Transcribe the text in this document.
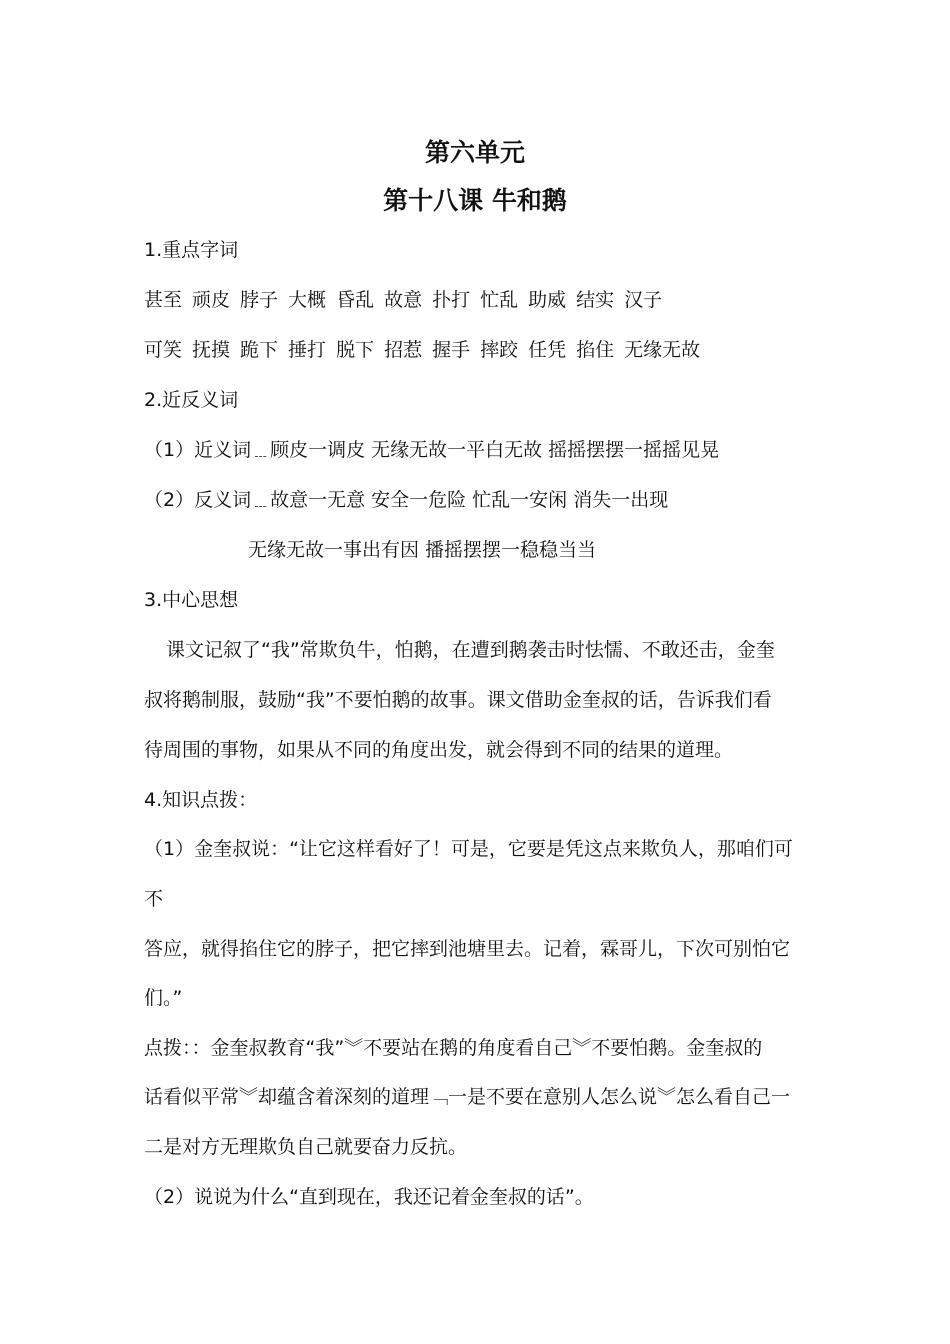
第六单元
第十八课 牛和鹅
1.重点字词
甚至 顽皮 脖子 大概 昏乱 故意 扑打 忙乱 助威 结实 汉子
可笑 抚摸 跪下 捶打 脱下 招惹 握手 摔跤 任凭 掐住 无缘无故
2.近反义词
（1）近义词﹍顾皮一调皮 无缘无故一平白无故 摇摇摆摆一摇摇见晃
（2）反义词﹍故意一无意 安全一危险 忙乱一安闲 消失一出现
无缘无故一事出有因 播摇摆摆一稳稳当当
3.中心思想
课文记叙了“我”常欺负牛，怕鹅，在遭到鹅袭击时怯懦、不敢还击，金奎
叔将鹅制服，鼓励“我”不要怕鹅的故事。课文借助金奎叔的话，告诉我们看
待周围的事物，如果从不同的角度出发，就会得到不同的结果的道理。
4.知识点拨：
（1）金奎叔说：“让它这样看好了！可是，它要是凭这点来欺负人，那咱们可
不
答应，就得掐住它的脖子，把它摔到池塘里去。记着，霖哥儿，下次可别怕它
们。”
点拨：：金奎叔教育“我”︾不要站在鹅的角度看自己︾不要怕鹅。金奎叔的
话看似平常︾却蕴含着深刻的道理﹁一是不要在意别人怎么说︾怎么看自己一
二是对方无理欺负自己就要奋力反抗。
（2）说说为什么“直到现在，我还记着金奎叔的话”。
